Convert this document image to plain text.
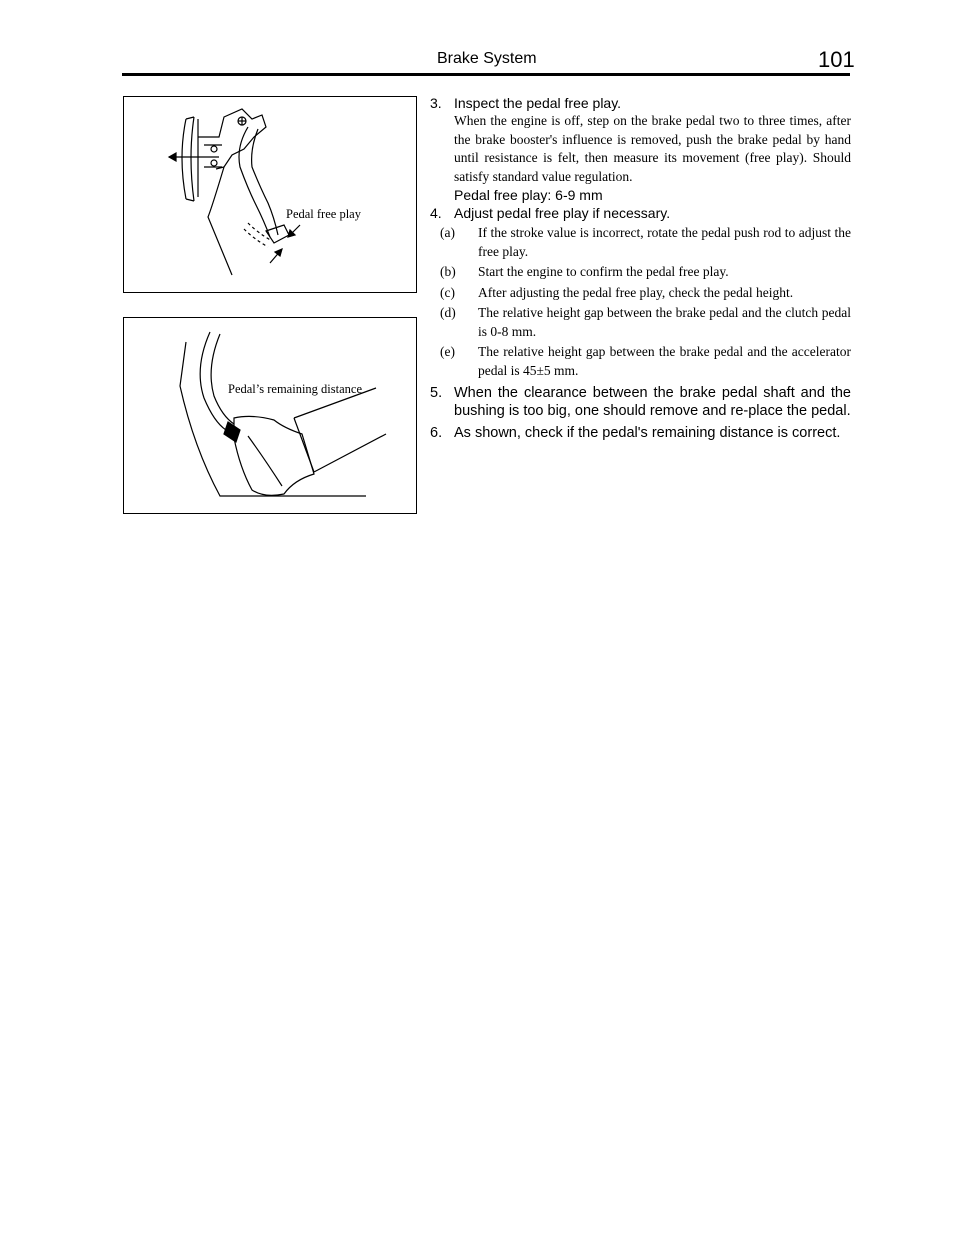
Brake System	101
Pedal free play
Pedal’s remaining distance
3. Inspect the pedal free play.

When the engine is off, step on the brake pedal two to three times, after the brake booster's influence is removed, push the brake pedal by hand until resistance is felt, then measure its movement (free play). Should satisfy standard value regulation.

Pedal free play: 6-9 mm
4. Adjust pedal free play if necessary.
(a) If the stroke value is incorrect, rotate the pedal push rod to adjust the free play.
(b) Start the engine to confirm the pedal free play.
(c) After adjusting the pedal free play, check the pedal height.
(d) The relative height gap between the brake pedal and the clutch pedal is 0-8 mm.
(e) The relative height gap between the brake pedal and the accelerator pedal is 45±5 mm.
5. When the clearance between the brake pedal shaft and the bushing is too big, one should remove and re-place the pedal.
6. As shown, check if the pedal's remaining distance is correct.
